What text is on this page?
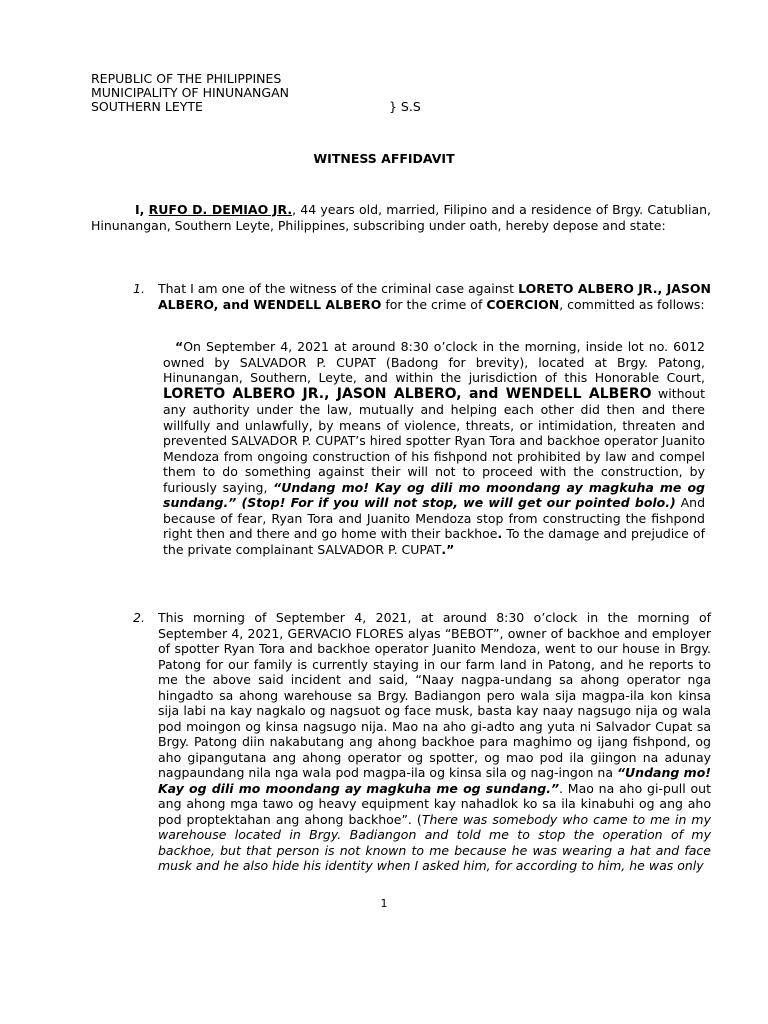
REPUBLIC OF THE PHILIPPINES
MUNICIPALITY OF HINUNANGAN
SOUTHERN LEYTE	} S.S
WITNESS AFFIDAVIT
I, RUFO D. DEMIAO JR., 44 years old, married, Filipino and a residence of Brgy. Catublian, Hinunangan, Southern Leyte, Philippines, subscribing under oath, hereby depose and state:
1. That I am one of the witness of the criminal case against LORETO ALBERO JR., JASON ALBERO, and WENDELL ALBERO for the crime of COERCION, committed as follows:
“On September 4, 2021 at around 8:30 o’clock in the morning, inside lot no. 6012 owned by SALVADOR P. CUPAT (Badong for brevity), located at Brgy. Patong, Hinunangan, Southern, Leyte, and within the jurisdiction of this Honorable Court, LORETO ALBERO JR., JASON ALBERO, and WENDELL ALBERO without any authority under the law, mutually and helping each other did then and there willfully and unlawfully, by means of violence, threats, or intimidation, threaten and prevented SALVADOR P. CUPAT’s hired spotter Ryan Tora and backhoe operator Juanito Mendoza from ongoing construction of his fishpond not prohibited by law and compel them to do something against their will not to proceed with the construction, by furiously saying, “Undang mo! Kay og dili mo moondang ay magkuha me og sundang.” (Stop! For if you will not stop, we will get our pointed bolo.) And because of fear, Ryan Tora and Juanito Mendoza stop from constructing the fishpond right then and there and go home with their backhoe. To the damage and prejudice of the private complainant SALVADOR P. CUPAT.”
2. This morning of September 4, 2021, at around 8:30 o’clock in the morning of September 4, 2021, GERVACIO FLORES alyas “BEBOT”, owner of backhoe and employer of spotter Ryan Tora and backhoe operator Juanito Mendoza, went to our house in Brgy. Patong for our family is currently staying in our farm land in Patong, and he reports to me the above said incident and said, “Naay nagpa-undang sa ahong operator nga hingadto sa ahong warehouse sa Brgy. Badiangon pero wala sija magpa-ila kon kinsa sija labi na kay nagkalo og nagsuot og face musk, basta kay naay nagsugo nija og wala pod moingon og kinsa nagsugo nija. Mao na aho gi-adto ang yuta ni Salvador Cupat sa Brgy. Patong diin nakabutang ang ahong backhoe para maghimo og ijang fishpond, og aho gipangutana ang ahong operator og spotter, og mao pod ila giingon na adunay nagpaundang nila nga wala pod magpa-ila og kinsa sila og nag-ingon na “Undang mo! Kay og dili mo moondang ay magkuha me og sundang.”. Mao na aho gi-pull out ang ahong mga tawo og heavy equipment kay nahadlok ko sa ila kinabuhi og ang aho pod proptektahan ang ahong backhoe”. (There was somebody who came to me in my warehouse located in Brgy. Badiangon and told me to stop the operation of my backhoe, but that person is not known to me because he was wearing a hat and face musk and he also hide his identity when I asked him, for according to him, he was only
1
